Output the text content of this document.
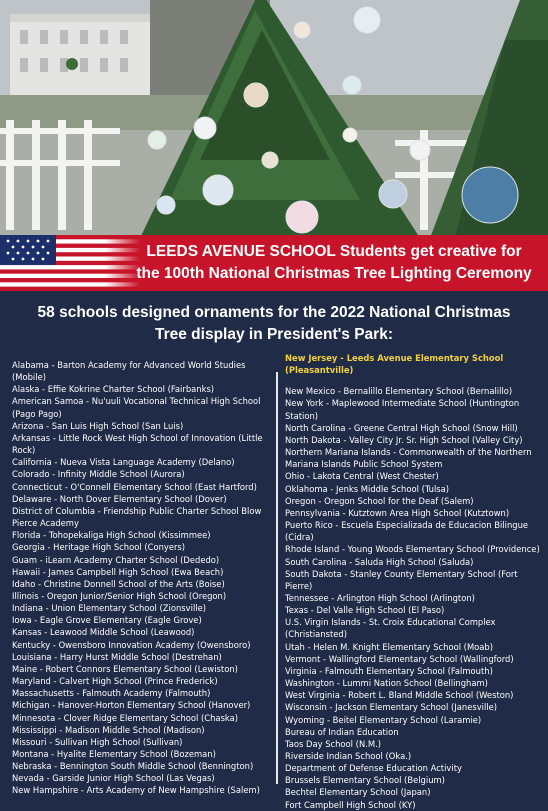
LEEDS AVENUE SCHOOL Students get creative for
the 100th National Christmas Tree Lighting Ceremony
58 schools designed ornaments for the 2022 National Christmas
Tree display in President's Park:
Alabama - Barton Academy for Advanced World Studies (Mobile)
Alaska - Effie Kokrine Charter School (Fairbanks)
American Samoa - Nu'uuli Vocational Technical High School (Pago Pago)
Arizona - San Luis High School (San Luis)
Arkansas - Little Rock West High School of Innovation (Little Rock)
California - Nueva Vista Language Academy (Delano)
Colorado - Infinity Middle School (Aurora)
Connecticut - O'Connell Elementary School (East Hartford)
Delaware - North Dover Elementary School (Dover)
District of Columbia - Friendship Public Charter School Blow Pierce Academy
Florida - Tohopekaliga High School (Kissimmee)
Georgia - Heritage High School (Conyers)
Guam - iLearn Academy Charter School (Dededo)
Hawaii - James Campbell High School (Ewa Beach)
Idaho - Christine Donnell School of the Arts (Boise)
Illinois - Oregon Junior/Senior High School (Oregon)
Indiana - Union Elementary School (Zionsville)
Iowa - Eagle Grove Elementary (Eagle Grove)
Kansas - Leawood Middle School (Leawood)
Kentucky - Owensboro Innovation Academy (Owensboro)
Louisiana - Harry Hurst Middle School (Destrehan)
Maine - Robert Connors Elementary School (Lewiston)
Maryland - Calvert High School (Prince Frederick)
Massachusetts - Falmouth Academy (Falmouth)
Michigan - Hanover-Horton Elementary School (Hanover)
Minnesota - Clover Ridge Elementary School (Chaska)
Mississippi - Madison Middle School (Madison)
Missouri - Sullivan High School (Sullivan)
Montana - Hyalite Elementary School (Bozeman)
Nebraska - Bennington South Middle School (Bennington)
Nevada - Garside Junior High School (Las Vegas)
New Hampshire - Arts Academy of New Hampshire (Salem)
New Jersey - Leeds Avenue Elementary School (Pleasantville)
New Mexico - Bernalillo Elementary School (Bernalillo)
New York - Maplewood Intermediate School (Huntington Station)
North Carolina - Greene Central High School (Snow Hill)
North Dakota - Valley City Jr. Sr. High School (Valley City)
Northern Mariana Islands - Commonwealth of the Northern Mariana Islands Public School System
Ohio - Lakota Central (West Chester)
Oklahoma - Jenks Middle School (Tulsa)
Oregon - Oregon School for the Deaf (Salem)
Pennsylvania - Kutztown Area High School (Kutztown)
Puerto Rico - Escuela Especializada de Educacion Bilingue (Cidra)
Rhode Island - Young Woods Elementary School (Providence)
South Carolina - Saluda High School (Saluda)
South Dakota - Stanley County Elementary School (Fort Pierre)
Tennessee - Arlington High School (Arlington)
Texas - Del Valle High School (El Paso)
U.S. Virgin Islands - St. Croix Educational Complex (Christiansted)
Utah - Helen M. Knight Elementary School (Moab)
Vermont - Wallingford Elementary School (Wallingford)
Virginia - Falmouth Elementary School (Falmouth)
Washington - Lummi Nation School (Bellingham)
West Virginia - Robert L. Bland Middle School (Weston)
Wisconsin - Jackson Elementary School (Janesville)
Wyoming - Beitel Elementary School (Laramie)
Bureau of Indian Education
Taos Day School (N.M.)
Riverside Indian School (Oka.)
Department of Defense Education Activity
Brussels Elementary School (Belgium)
Bechtel Elementary School (Japan)
Fort Campbell High School (KY)
